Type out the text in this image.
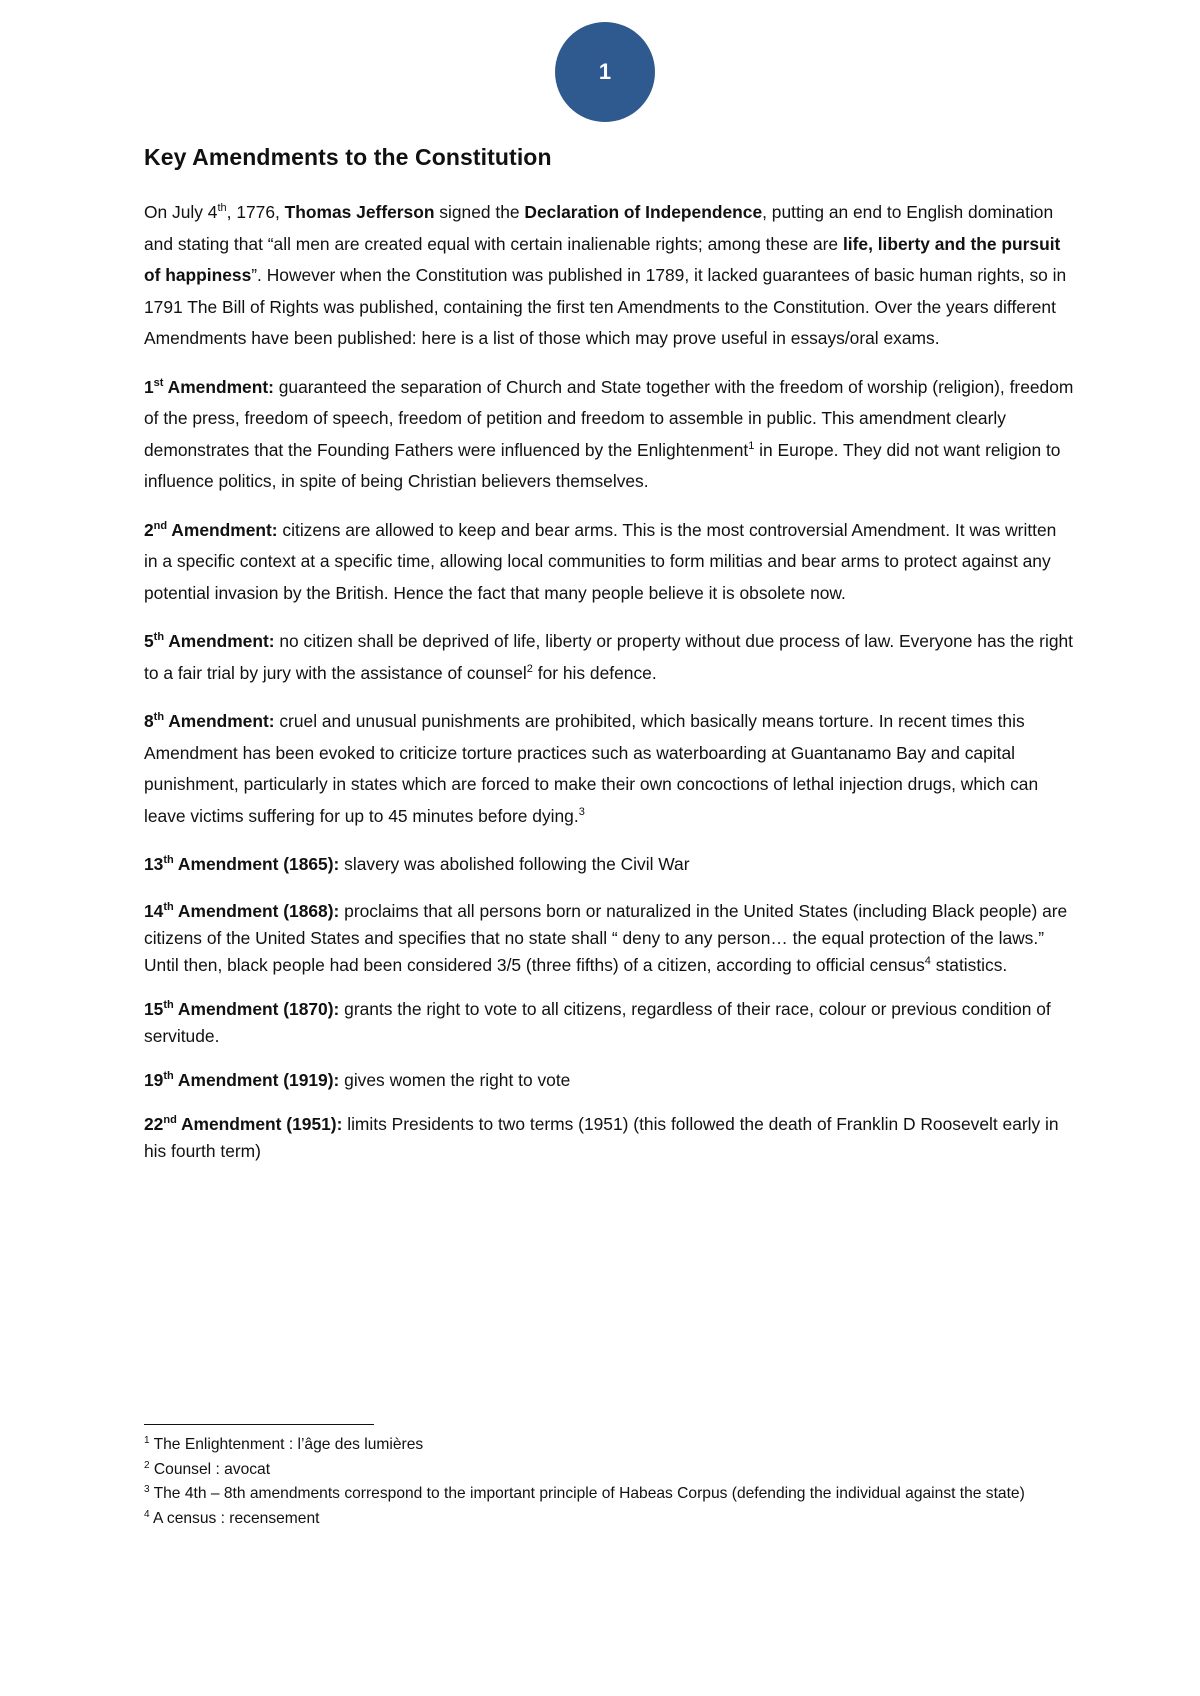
1
Key Amendments to the Constitution

On July 4th, 1776, Thomas Jefferson signed the Declaration of Independence, putting an end to English domination and stating that “all men are created equal with certain inalienable rights; among these are life, liberty and the pursuit of happiness”. However when the Constitution was published in 1789, it lacked guarantees of basic human rights, so in 1791 The Bill of Rights was published, containing the first ten Amendments to the Constitution. Over the years different Amendments have been published: here is a list of those which may prove useful in essays/oral exams.

1st Amendment: guaranteed the separation of Church and State together with the freedom of worship (religion), freedom of the press, freedom of speech, freedom of petition and freedom to assemble in public. This amendment clearly demonstrates that the Founding Fathers were influenced by the Enlightenment$^1$ in Europe. They did not want religion to influence politics, in spite of being Christian believers themselves.

2nd Amendment: citizens are allowed to keep and bear arms. This is the most controversial Amendment. It was written in a specific context at a specific time, allowing local communities to form militias and bear arms to protect against any potential invasion by the British. Hence the fact that many people believe it is obsolete now.

5th Amendment: no citizen shall be deprived of life, liberty or property without due process of law. Everyone has the right to a fair trial by jury with the assistance of counsel$^2$ for his defence.

8th Amendment: cruel and unusual punishments are prohibited, which basically means torture. In recent times this Amendment has been evoked to criticize torture practices such as waterboarding at Guantanamo Bay and capital punishment, particularly in states which are forced to make their own concoctions of lethal injection drugs, which can leave victims suffering for up to 45 minutes before dying.$^3$

13th Amendment (1865): slavery was abolished following the Civil War

14th Amendment (1868): proclaims that all persons born or naturalized in the United States (including Black people) are citizens of the United States and specifies that no state shall “ deny to any person… the equal protection of the laws.” Until then, black people had been considered 3/5 (three fifths) of a citizen, according to official census$^4$ statistics.

15th Amendment (1870): grants the right to vote to all citizens, regardless of their race, colour or previous condition of servitude.

19th Amendment (1919): gives women the right to vote

22nd Amendment (1951): limits Presidents to two terms (1951) (this followed the death of Franklin D Roosevelt early in his fourth term)

$^1$ The Enlightenment : l’âge des lumières
$^2$ Counsel : avocat
$^3$ The 4th – 8th amendments correspond to the important principle of Habeas Corpus (defending the individual against the state)
$^4$ A census : recensement
